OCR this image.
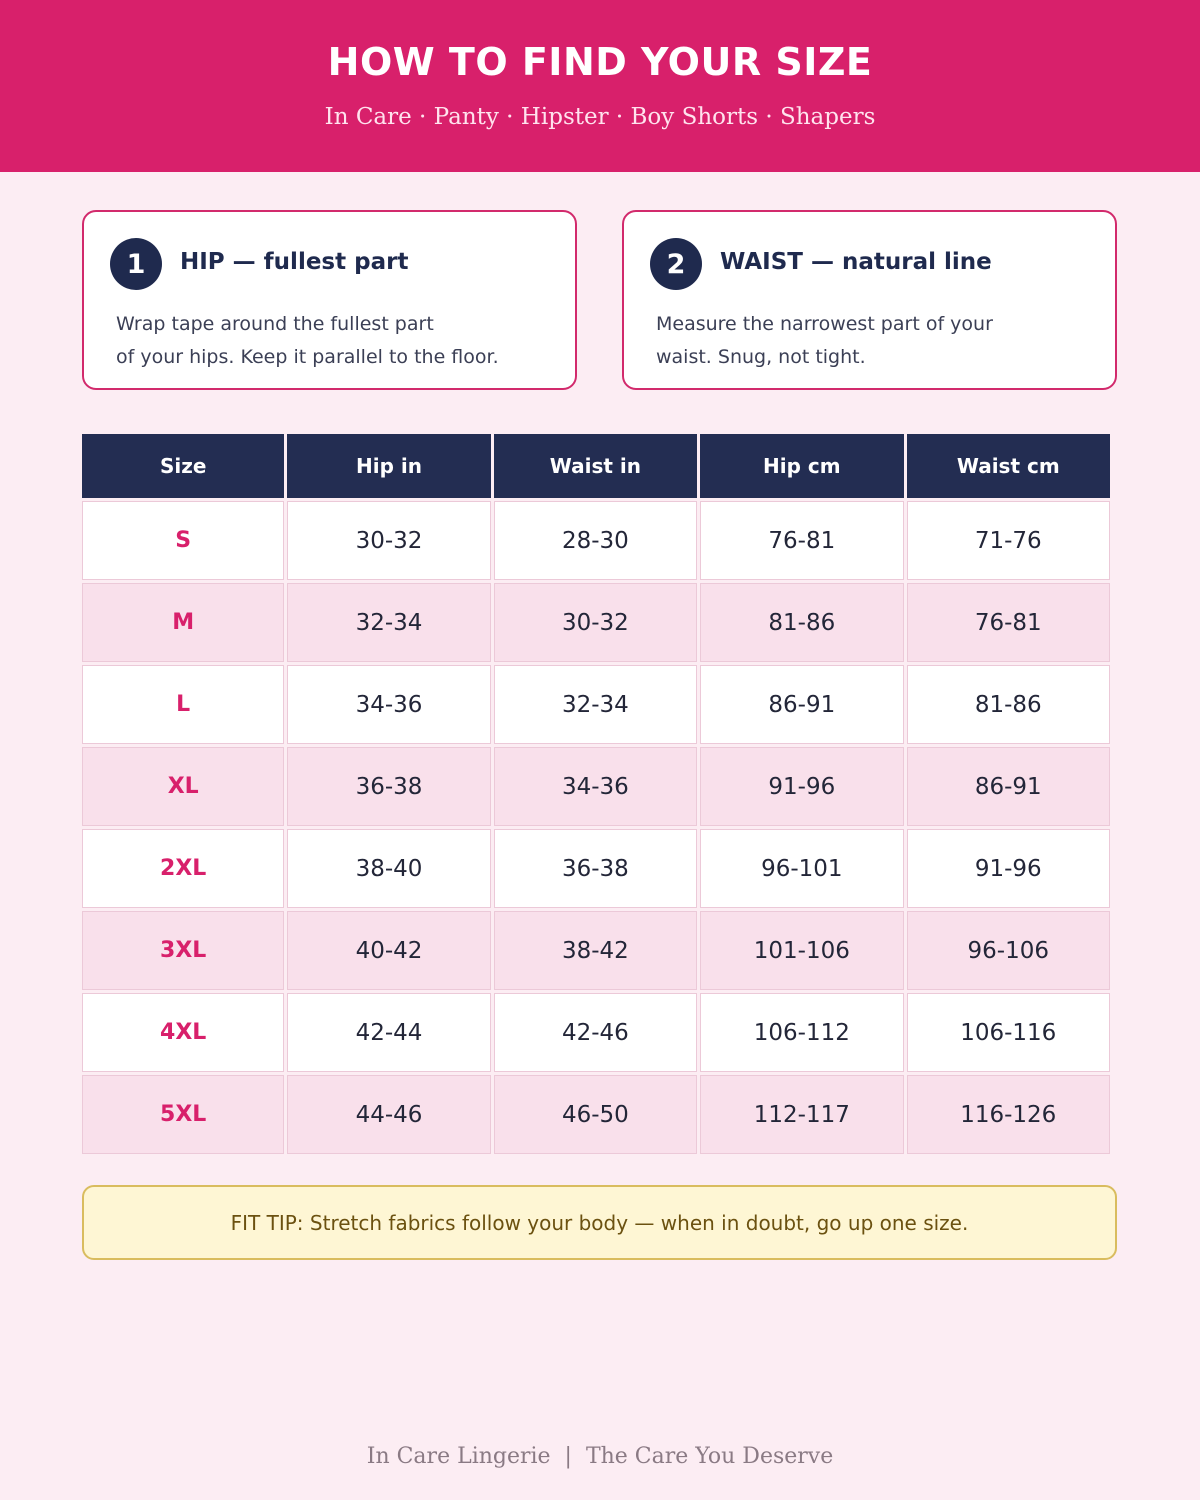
HOW TO FIND YOUR SIZE
In Care · Panty · Hipster · Boy Shorts · Shapers
1	HIP — fullest part
Wrap tape around the fullest part
of your hips. Keep it parallel to the floor.
2	WAIST — natural line
Measure the narrowest part of your
waist. Snug, not tight.
Size	Hip in	Waist in	Hip cm	Waist cm
S	30-32	28-30	76-81	71-76
M	32-34	30-32	81-86	76-81
L	34-36	32-34	86-91	81-86
XL	36-38	34-36	91-96	86-91
2XL	38-40	36-38	96-101	91-96
3XL	40-42	38-42	101-106	96-106
4XL	42-44	42-46	106-112	106-116
5XL	44-46	46-50	112-117	116-126
FIT TIP: Stretch fabrics follow your body — when in doubt, go up one size.
In Care Lingerie  |  The Care You Deserve
